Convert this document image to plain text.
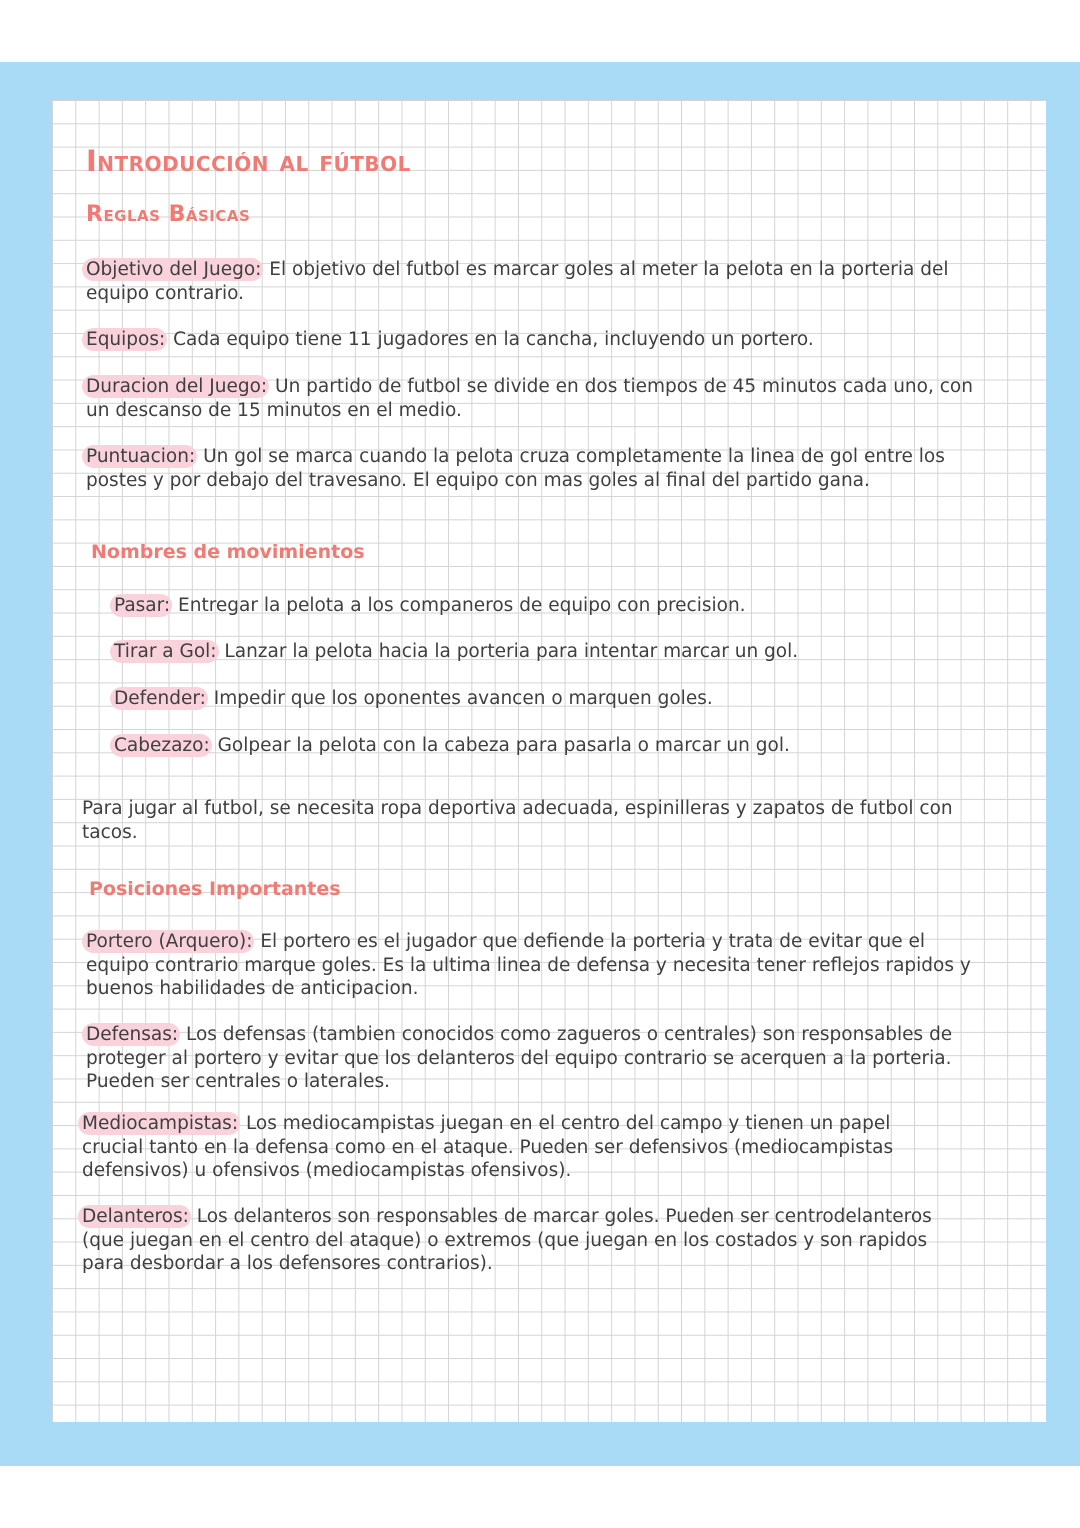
Introducción al fútbol
Reglas Básicas

Objetivo del Juego: El objetivo del futbol es marcar goles al meter la pelota en la porteria del equipo contrario.

Equipos: Cada equipo tiene 11 jugadores en la cancha, incluyendo un portero.

Duracion del Juego: Un partido de futbol se divide en dos tiempos de 45 minutos cada uno, con un descanso de 15 minutos en el medio.

Puntuacion: Un gol se marca cuando la pelota cruza completamente la linea de gol entre los postes y por debajo del travesano. El equipo con mas goles al final del partido gana.

Nombres de movimientos

Pasar: Entregar la pelota a los companeros de equipo con precision.

Tirar a Gol: Lanzar la pelota hacia la porteria para intentar marcar un gol.

Defender: Impedir que los oponentes avancen o marquen goles.

Cabezazo: Golpear la pelota con la cabeza para pasarla o marcar un gol.

Para jugar al futbol, se necesita ropa deportiva adecuada, espinilleras y zapatos de futbol con tacos.

Posiciones Importantes

Portero (Arquero): El portero es el jugador que defiende la porteria y trata de evitar que el equipo contrario marque goles. Es la ultima linea de defensa y necesita tener reflejos rapidos y buenos habilidades de anticipacion.

Defensas: Los defensas (tambien conocidos como zagueros o centrales) son responsables de proteger al portero y evitar que los delanteros del equipo contrario se acerquen a la porteria. Pueden ser centrales o laterales.

Mediocampistas: Los mediocampistas juegan en el centro del campo y tienen un papel crucial tanto en la defensa como en el ataque. Pueden ser defensivos (mediocampistas defensivos) u ofensivos (mediocampistas ofensivos).

Delanteros: Los delanteros son responsables de marcar goles. Pueden ser centrodelanteros (que juegan en el centro del ataque) o extremos (que juegan en los costados y son rapidos para desbordar a los defensores contrarios).
